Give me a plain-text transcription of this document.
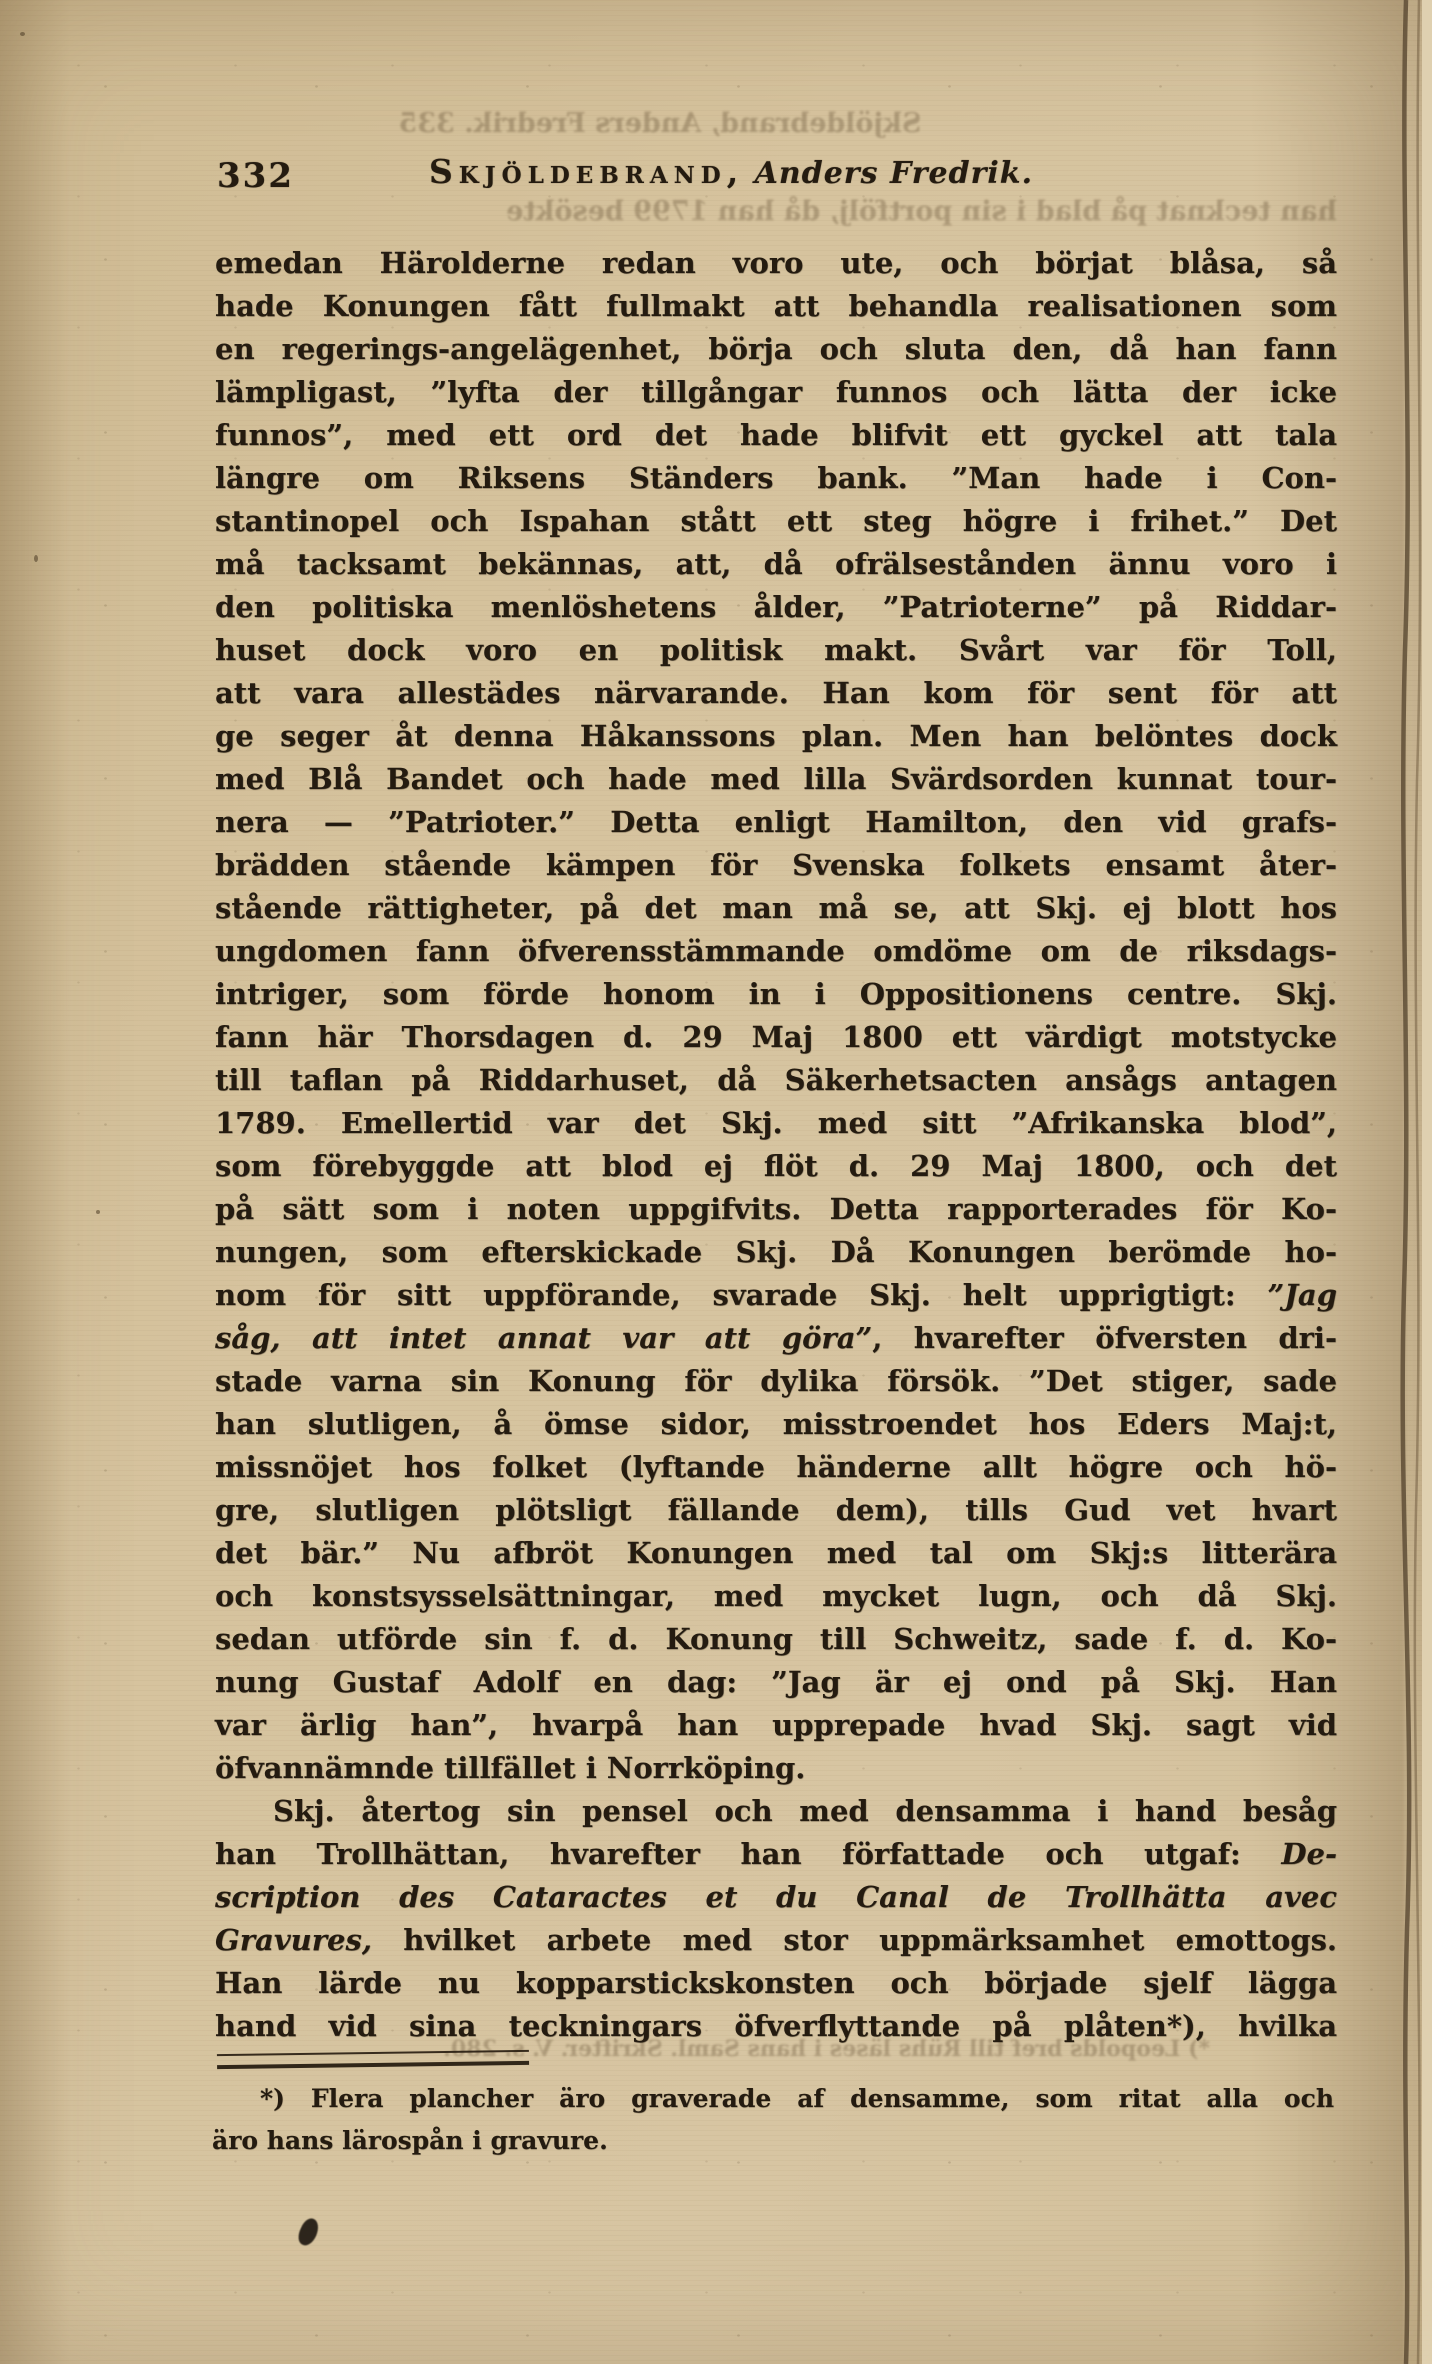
Skjöldebrand, Anders Fredrik. 335
han tecknat på blad i sin portfölj, då han 1799 besökte
*) Leopolds bref till Rühs läses i hans Saml. Skrifter. V. s. 280.
332	Skjöldebrand, Anders Fredrik.
emedan Härolderne redan voro ute, och börjat blåsa, så
hade Konungen fått fullmakt att behandla realisationen som
en regerings-angelägenhet, börja och sluta den, då han fann
lämpligast, ”lyfta der tillgångar funnos och lätta der icke
funnos”, med ett ord det hade blifvit ett gyckel att tala
längre om Riksens Ständers bank. ”Man hade i Con-
stantinopel och Ispahan stått ett steg högre i frihet.” Det
må tacksamt bekännas, att, då ofrälsestånden ännu voro i
den politiska menlöshetens ålder, ”Patrioterne” på Riddar-
huset dock voro en politisk makt. Svårt var för Toll,
att vara allestädes närvarande. Han kom för sent för att
ge seger åt denna Håkanssons plan. Men han belöntes dock
med Blå Bandet och hade med lilla Svärdsorden kunnat tour-
nera — ”Patrioter.” Detta enligt Hamilton, den vid grafs-
brädden stående kämpen för Svenska folkets ensamt åter-
stående rättigheter, på det man må se, att Skj. ej blott hos
ungdomen fann öfverensstämmande omdöme om de riksdags-
intriger, som förde honom in i Oppositionens centre. Skj.
fann här Thorsdagen d. 29 Maj 1800 ett värdigt motstycke
till taflan på Riddarhuset, då Säkerhetsacten ansågs antagen
1789. Emellertid var det Skj. med sitt ”Afrikanska blod”,
som förebyggde att blod ej flöt d. 29 Maj 1800, och det
på sätt som i noten uppgifvits. Detta rapporterades för Ko-
nungen, som efterskickade Skj. Då Konungen berömde ho-
nom för sitt uppförande, svarade Skj. helt upprigtigt: ”Jag
såg, att intet annat var att göra”, hvarefter öfversten dri-
stade varna sin Konung för dylika försök. ”Det stiger, sade
han slutligen, å ömse sidor, misstroendet hos Eders Maj:t,
missnöjet hos folket (lyftande händerne allt högre och hö-
gre, slutligen plötsligt fällande dem), tills Gud vet hvart
det bär.” Nu afbröt Konungen med tal om Skj:s litterära
och konstsysselsättningar, med mycket lugn, och då Skj.
sedan utförde sin f. d. Konung till Schweitz, sade f. d. Ko-
nung Gustaf Adolf en dag: ”Jag är ej ond på Skj. Han
var ärlig han”, hvarpå han upprepade hvad Skj. sagt vid
öfvannämnde tillfället i Norrköping.
Skj. återtog sin pensel och med densamma i hand besåg
han Trollhättan, hvarefter han författade och utgaf: De-
scription des Cataractes et du Canal de Trollhätta avec
Gravures, hvilket arbete med stor uppmärksamhet emottogs.
Han lärde nu kopparstickskonsten och började sjelf lägga
hand vid sina teckningars öfverflyttande på plåten*), hvilka
*) Flera plancher äro graverade af densamme, som ritat alla och
äro hans lärospån i gravure.
